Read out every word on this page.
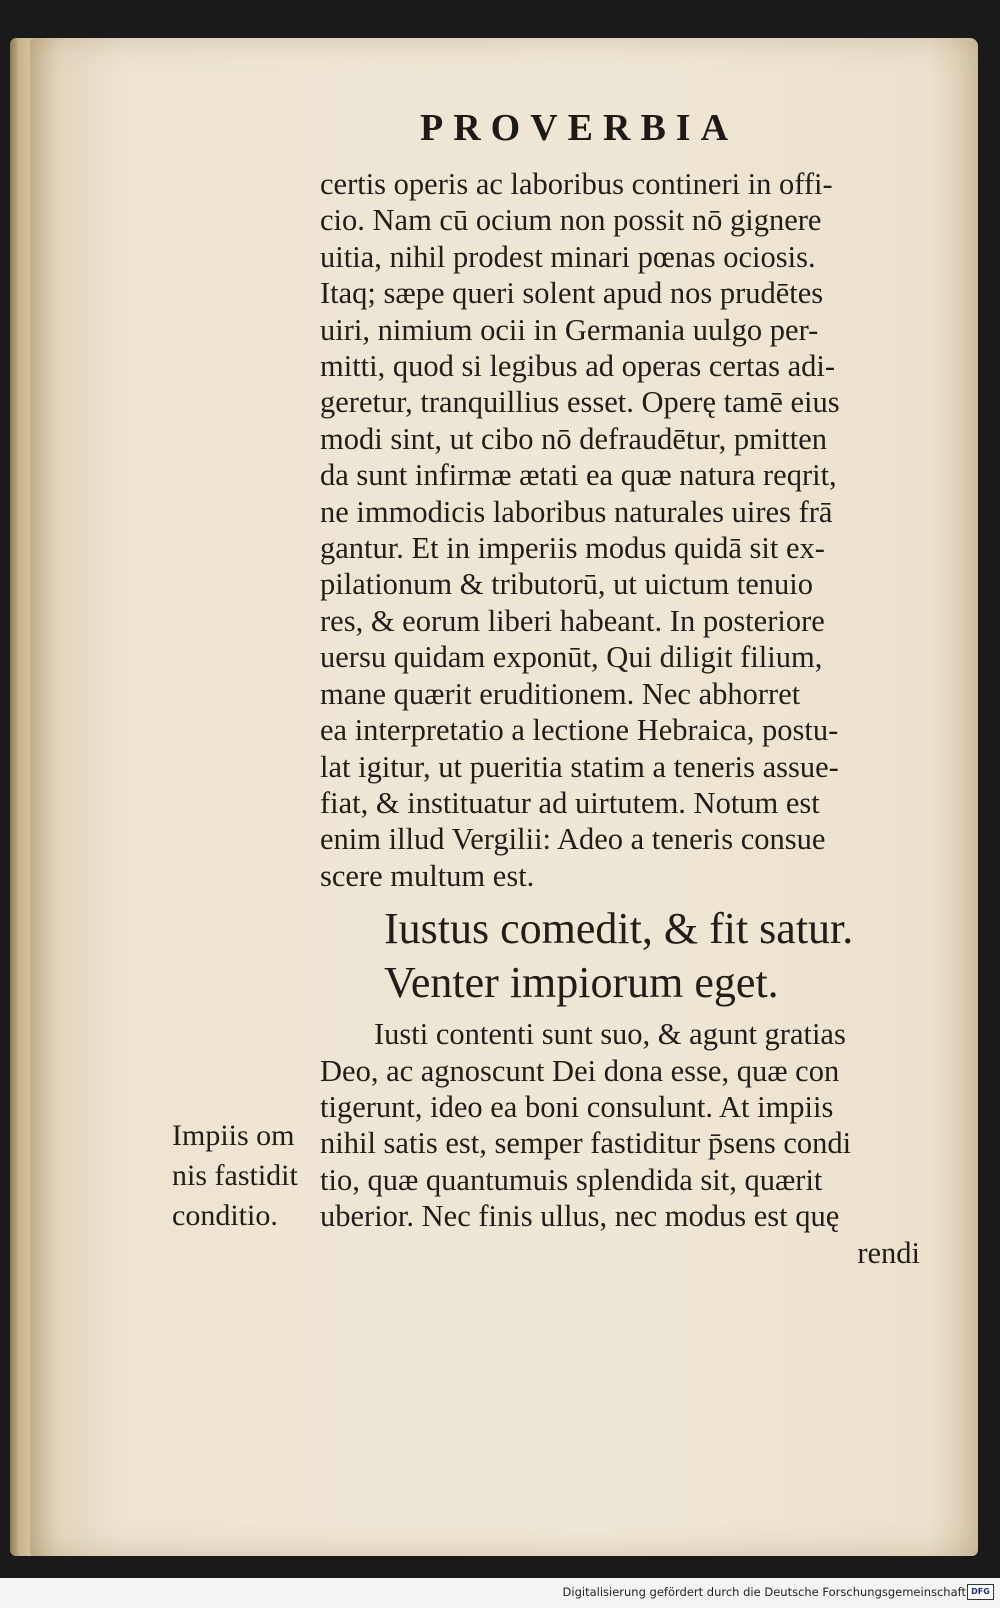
PROVERBIA
certis operis ac laboribus contineri in offi-
cio. Nam cū ocium non possit nō gignere
uitia, nihil prodest minari pœnas ociosis.
Itaq; sæpe queri solent apud nos prudētes
uiri, nimium ocii in Germania uulgo per-
mitti, quod si legibus ad operas certas adi-
geretur, tranquillius esset. Operę tamē eius
modi sint, ut cibo nō defraudētur, pmitten
da sunt infirmæ ætati ea quæ natura reqrit,
ne immodicis laboribus naturales uires frā
gantur. Et in imperiis modus quidā sit ex-
pilationum & tributorū, ut uictum tenuio
res, & eorum liberi habeant. In posteriore
uersu quidam exponūt, Qui diligit filium,
mane quærit eruditionem. Nec abhorret
ea interpretatio a lectione Hebraica, postu-
lat igitur, ut pueritia statim a teneris assue-
fiat, & instituatur ad uirtutem. Notum est
enim illud Vergilii: Adeo a teneris consue
scere multum est.
Iustus comedit, & fit satur.
Venter impiorum eget.
Iusti contenti sunt suo, & agunt gratias
Deo, ac agnoscunt Dei dona esse, quæ con
tigerunt, ideo ea boni consulunt. At impiis
nihil satis est, semper fastiditur p̄sens condi
tio, quæ quantumuis splendida sit, quærit
uberior. Nec finis ullus, nec modus est quę
rendi
Impiis om
nis fastidit
conditio.
Digitalisierung gefördert durch die Deutsche Forschungsgemeinschaft DFG
